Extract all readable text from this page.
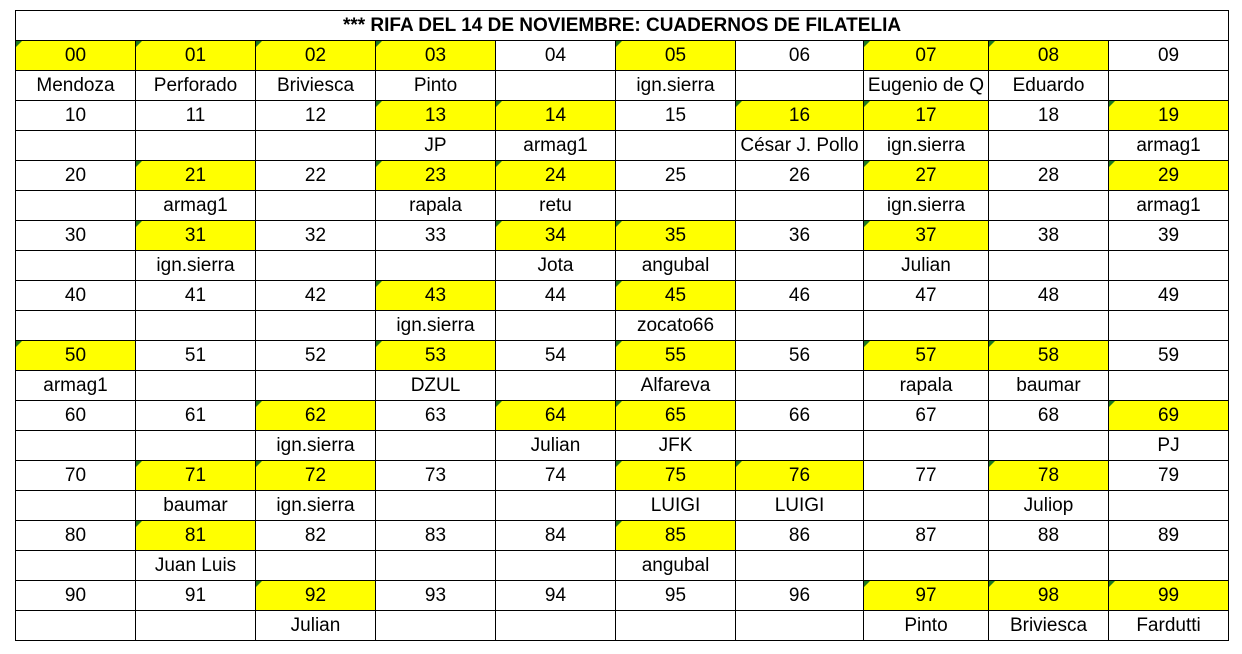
*** RIFA DEL 14 DE NOVIEMBRE: CUADERNOS DE FILATELIA									
00	01	02	03	04	05	06	07	08	09
Mendoza	Perforado	Briviesca	Pinto		ign.sierra		Eugenio de Q	Eduardo	
10	11	12	13	14	15	16	17	18	19
			JP	armag1		César J. Pollo	ign.sierra		armag1
20	21	22	23	24	25	26	27	28	29
	armag1		rapala	retu			ign.sierra		armag1
30	31	32	33	34	35	36	37	38	39
	ign.sierra			Jota	angubal		Julian		
40	41	42	43	44	45	46	47	48	49
			ign.sierra		zocato66				
50	51	52	53	54	55	56	57	58	59
armag1			DZUL		Alfareva		rapala	baumar	
60	61	62	63	64	65	66	67	68	69
		ign.sierra		Julian	JFK				PJ
70	71	72	73	74	75	76	77	78	79
	baumar	ign.sierra			LUIGI	LUIGI		Juliop	
80	81	82	83	84	85	86	87	88	89
	Juan Luis				angubal				
90	91	92	93	94	95	96	97	98	99
		Julian					Pinto	Briviesca	Fardutti
